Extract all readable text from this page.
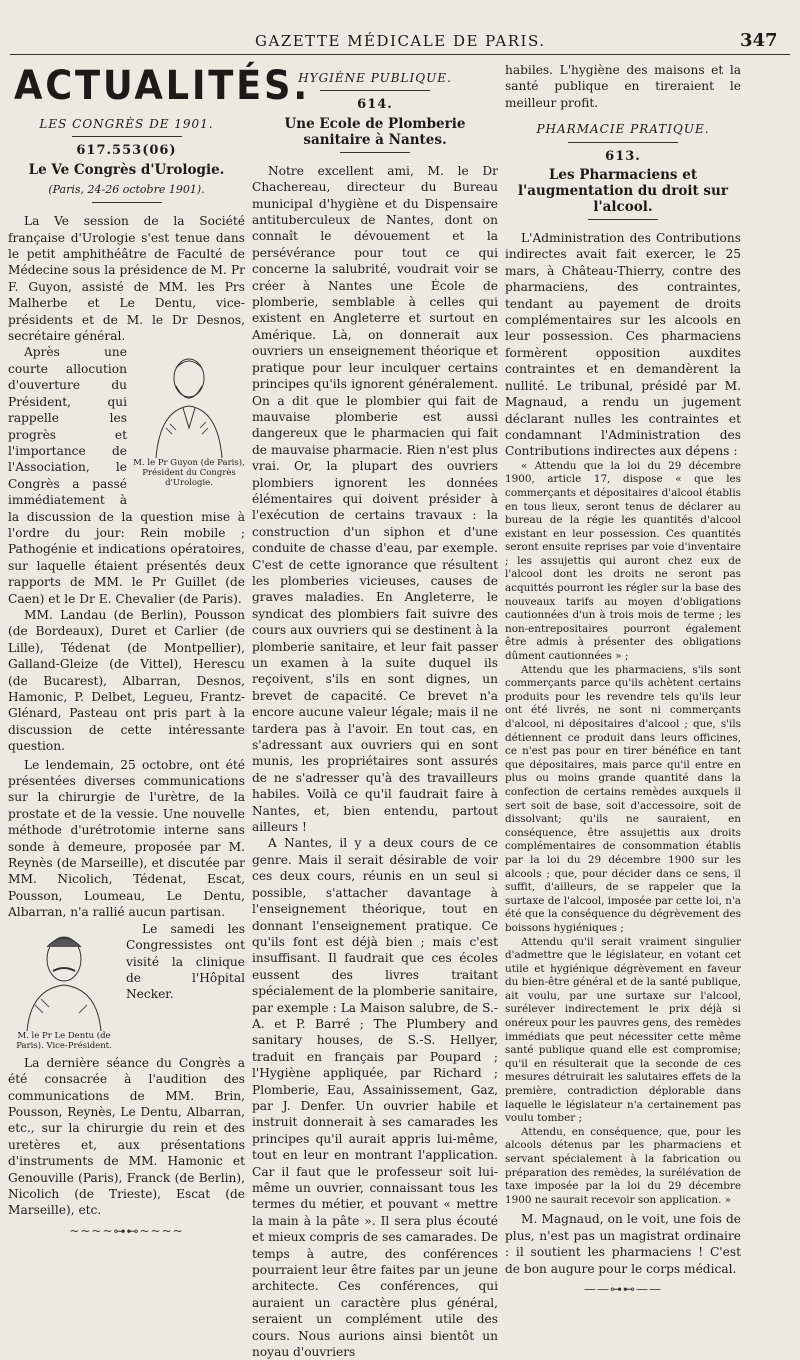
GAZETTE MÉDICALE DE PARIS.	347
ACTUALITÉS.
LES CONGRÈS DE 1901.
617.553(06)
Le Ve Congrès d'Urologie.
(Paris, 24-26 octobre 1901).

La Ve session de la Société française d'Urologie s'est tenue dans le petit amphithéâtre de Faculté de Médecine sous la présidence de M. Pr F. Guyon, assisté de MM. les Prs Malherbe et Le Dentu, vice-présidents et de M. le Dr Desnos, secrétaire général.

M. le Pr Guyon (de Paris), Président du Congrès d'Urologie.

Après une courte allocution d'ouverture du Président, qui rappelle les progrès et l'importance de l'Association, le Congrès a passé immédiatement à la discussion de la question mise à l'ordre du jour: Rein mobile ; Pathogénie et indications opératoires, sur laquelle étaient présentés deux rapports de MM. le Pr Guillet (de Caen) et le Dr E. Chevalier (de Paris).

MM. Landau (de Berlin), Pousson (de Bordeaux), Duret et Carlier (de Lille), Tédenat (de Montpellier), Galland-Gleize (de Vittel), Herescu (de Bucarest), Albarran, Desnos, Hamonic, P. Delbet, Legueu, Frantz-Glénard, Pasteau ont pris part à la discussion de cette intéressante question.

Le lendemain, 25 octobre, ont été présentées diverses communications sur la chirurgie de l'urètre, de la prostate et de la vessie. Une nouvelle méthode d'urétrotomie interne sans sonde à demeure, proposée par M. Reynès (de Marseille), et discutée par MM. Nicolich, Tédenat, Escat, Pousson, Loumeau, Le Dentu, Albarran, n'a rallié aucun partisan.

M. le Pr Le Dentu (de Paris). Vice-Président.

Le samedi les Congressistes ont visité la clinique de l'Hôpital Necker.

La dernière séance du Congrès a été consacrée à l'audition des communications de MM. Brin, Pousson, Reynès, Le Dentu, Albarran, etc., sur la chirurgie du rein et des uretères et, aux présentations d'instruments de MM. Hamonic et Genouville (Paris), Franck (de Berlin), Nicolich (de Trieste), Escat (de Marseille), etc.

~~~~⊶⊷~~~~
HYGIÈNE PUBLIQUE.
614.
Une Ecole de Plomberie sanitaire à Nantes.

Notre excellent ami, M. le Dr Chachereau, directeur du Bureau municipal d'hygiène et du Dispensaire antituberculeux de Nantes, dont on connaît le dévouement et la persévérance pour tout ce qui concerne la salubrité, voudrait voir se créer à Nantes une École de plomberie, semblable à celles qui existent en Angleterre et surtout en Amérique. Là, on donnerait aux ouvriers un enseignement théorique et pratique pour leur inculquer certains principes qu'ils ignorent généralement. On a dit que le plombier qui fait de mauvaise plomberie est aussi dangereux que le pharmacien qui fait de mauvaise pharmacie. Rien n'est plus vrai. Or, la plupart des ouvriers plombiers ignorent les données élémentaires qui doivent présider à l'exécution de certains travaux : la construction d'un siphon et d'une conduite de chasse d'eau, par exemple. C'est de cette ignorance que résultent les plomberies vicieuses, causes de graves maladies. En Angleterre, le syndicat des plombiers fait suivre des cours aux ouvriers qui se destinent à la plomberie sanitaire, et leur fait passer un examen à la suite duquel ils reçoivent, s'ils en sont dignes, un brevet de capacité. Ce brevet n'a encore aucune valeur légale; mais il ne tardera pas à l'avoir. En tout cas, en s'adressant aux ouvriers qui en sont munis, les propriétaires sont assurés de ne s'adresser qu'à des travailleurs habiles. Voilà ce qu'il faudrait faire à Nantes, et, bien entendu, partout ailleurs !

A Nantes, il y a deux cours de ce genre. Mais il serait désirable de voir ces deux cours, réunis en un seul si possible, s'attacher davantage à l'enseignement théorique, tout en donnant l'enseignement pratique. Ce qu'ils font est déjà bien ; mais c'est insuffisant. Il faudrait que ces écoles eussent des livres traitant spécialement de la plomberie sanitaire, par exemple : La Maison salubre, de S.-A. et P. Barré ; The Plumbery and sanitary houses, de S.-S. Hellyer, traduit en français par Poupard ; l'Hygiène appliquée, par Richard ; Plomberie, Eau, Assainissement, Gaz, par J. Denfer. Un ouvrier habile et instruit donnerait à ses camarades les principes qu'il aurait appris lui-même, tout en leur en montrant l'application. Car il faut que le professeur soit lui-même un ouvrier, connaissant tous les termes du métier, et pouvant « mettre la main à la pâte ». Il sera plus écouté et mieux compris de ses camarades. De temps à autre, des conférences pourraient leur être faites par un jeune architecte. Ces conférences, qui auraient un caractère plus général, seraient un complément utile des cours. Nous aurions ainsi bientôt un noyau d'ouvriers

habiles. L'hygiène des maisons et la santé publique en tireraient le meilleur profit.

PHARMACIE PRATIQUE.
613.
Les Pharmaciens et l'augmentation du droit sur l'alcool.

L'Administration des Contributions indirectes avait fait exercer, le 25 mars, à Château-Thierry, contre des pharmaciens, des contraintes, tendant au payement de droits complémentaires sur les alcools en leur possession. Ces pharmaciens formèrent opposition auxdites contraintes et en demandèrent la nullité. Le tribunal, présidé par M. Magnaud, a rendu un jugement déclarant nulles les contraintes et condamnant l'Administration des Contributions indirectes aux dépens :

« Attendu que la loi du 29 décembre 1900, article 17, dispose « que les commerçants et dépositaires d'alcool établis en tous lieux, seront tenus de déclarer au bureau de la régie les quantités d'alcool existant en leur possession. Ces quantités seront ensuite reprises par voie d'inventaire ; les assujettis qui auront chez eux de l'alcool dont les droits ne seront pas acquittés pourront les régler sur la base des nouveaux tarifs au moyen d'obligations cautionnées d'un à trois mois de terme ; les non-entrepositaires pourront également être admis à présenter des obligations dûment cautionnées » ;

Attendu que les pharmaciens, s'ils sont commerçants parce qu'ils achètent certains produits pour les revendre tels qu'ils leur ont été livrés, ne sont ni commerçants d'alcool, ni dépositaires d'alcool ; que, s'ils détiennent ce produit dans leurs officines, ce n'est pas pour en tirer bénéfice en tant que dépositaires, mais parce qu'il entre en plus ou moins grande quantité dans la confection de certains remèdes auxquels il sert soit de base, soit d'accessoire, soit de dissolvant; qu'ils ne sauraient, en conséquence, être assujettis aux droits complémentaires de consommation établis par la loi du 29 décembre 1900 sur les alcools ; que, pour décider dans ce sens, il suffit, d'ailleurs, de se rappeler que la surtaxe de l'alcool, imposée par cette loi, n'a été que la conséquence du dégrèvement des boissons hygiéniques ;

Attendu qu'il serait vraiment singulier d'admettre que le législateur, en votant cet utile et hygiénique dégrèvement en faveur du bien-être général et de la santé publique, ait voulu, par une surtaxe sur l'alcool, surélever indirectement le prix déjà si onéreux pour les pauvres gens, des remèdes immédiats que peut nécessiter cette même santé publique quand elle est compromise; qu'il en résulterait que la seconde de ces mesures détruirait les salutaires effets de la première, contradiction déplorable dans laquelle le législateur n'a certainement pas voulu tomber ;

Attendu, en conséquence, que, pour les alcools détenus par les pharmaciens et servant spécialement à la fabrication ou préparation des remèdes, la surélévation de taxe imposée par la loi du 29 décembre 1900 ne saurait recevoir son application. »

M. Magnaud, on le voit, une fois de plus, n'est pas un magistrat ordinaire : il soutient les pharmaciens ! C'est de bon augure pour le corps médical.

——⊶⊷——
